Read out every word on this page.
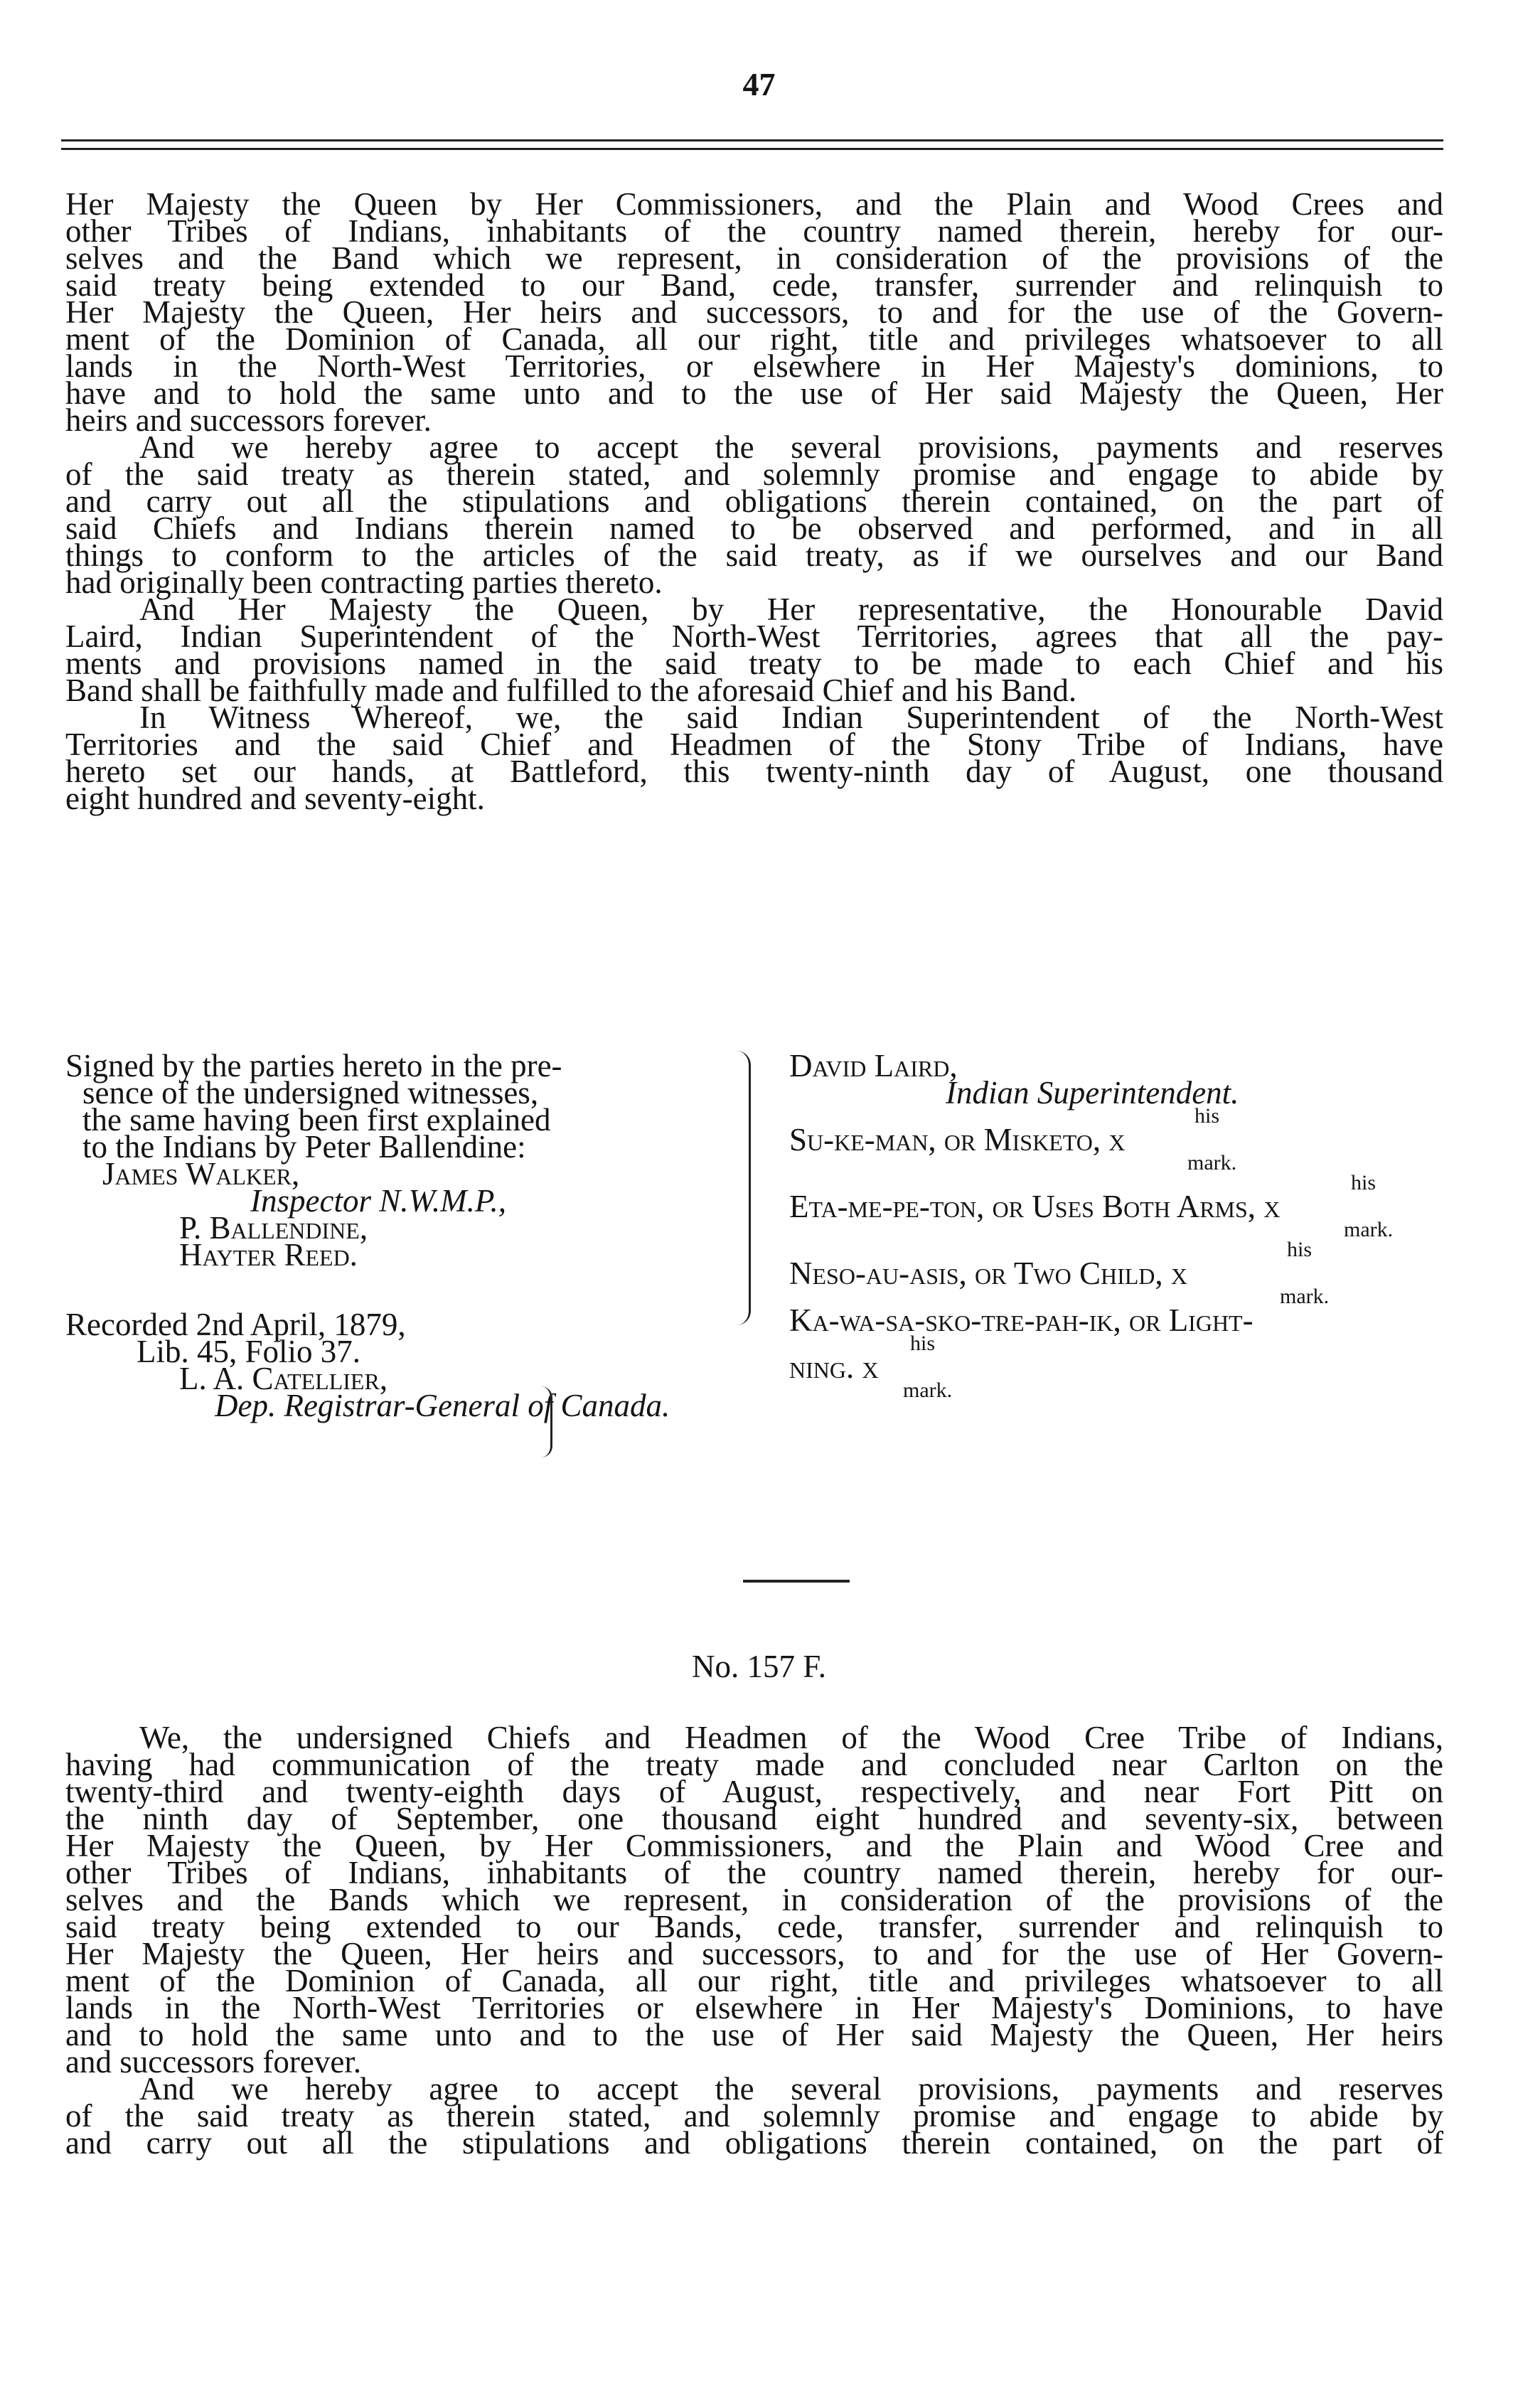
47
Her Majesty the Queen by Her Commissioners, and the Plain and Wood Crees and
other Tribes of Indians, inhabitants of the country named therein, hereby for our-
selves and the Band which we represent, in consideration of the provisions of the
said treaty being extended to our Band, cede, transfer, surrender and relinquish to
Her Majesty the Queen, Her heirs and successors, to and for the use of the Govern-
ment of the Dominion of Canada, all our right, title and privileges whatsoever to all
lands in the North-West Territories, or elsewhere in Her Majesty's dominions, to
have and to hold the same unto and to the use of Her said Majesty the Queen, Her
heirs and successors forever.
And we hereby agree to accept the several provisions, payments and reserves
of the said treaty as therein stated, and solemnly promise and engage to abide by
and carry out all the stipulations and obligations therein contained, on the part of
said Chiefs and Indians therein named to be observed and performed, and in all
things to conform to the articles of the said treaty, as if we ourselves and our Band
had originally been contracting parties thereto.
And Her Majesty the Queen, by Her representative, the Honourable David
Laird, Indian Superintendent of the North-West Territories, agrees that all the pay-
ments and provisions named in the said treaty to be made to each Chief and his
Band shall be faithfully made and fulfilled to the aforesaid Chief and his Band.
In Witness Whereof, we, the said Indian Superintendent of the North-West
Territories and the said Chief and Headmen of the Stony Tribe of Indians, have
hereto set our hands, at Battleford, this twenty-ninth day of August, one thousand
eight hundred and seventy-eight.
Signed by the parties hereto in the pre-
sence of the undersigned witnesses,
the same having been first explained
to the Indians by Peter Ballendine:
James Walker,
Inspector N.W.M.P.,
P. Ballendine,
Hayter Reed.
Recorded 2nd April, 1879,
Lib. 45, Folio 37.
L. A. Catellier,
Dep. Registrar-General of Canada.
David Laird,
Indian Superintendent.
his
Su-ke-man, or Misketo, x
mark.
his
Eta-me-pe-ton, or Uses Both Arms, x
mark.
his
Neso-au-asis, or Two Child, x
mark.
Ka-wa-sa-sko-tre-pah-ik, or Light-
his
ning. x
mark.
No. 157 F.
We, the undersigned Chiefs and Headmen of the Wood Cree Tribe of Indians,
having had communication of the treaty made and concluded near Carlton on the
twenty-third and twenty-eighth days of August, respectively, and near Fort Pitt on
the ninth day of September, one thousand eight hundred and seventy-six, between
Her Majesty the Queen, by Her Commissioners, and the Plain and Wood Cree and
other Tribes of Indians, inhabitants of the country named therein, hereby for our-
selves and the Bands which we represent, in consideration of the provisions of the
said treaty being extended to our Bands, cede, transfer, surrender and relinquish to
Her Majesty the Queen, Her heirs and successors, to and for the use of Her Govern-
ment of the Dominion of Canada, all our right, title and privileges whatsoever to all
lands in the North-West Territories or elsewhere in Her Majesty's Dominions, to have
and to hold the same unto and to the use of Her said Majesty the Queen, Her heirs
and successors forever.
And we hereby agree to accept the several provisions, payments and reserves
of the said treaty as therein stated, and solemnly promise and engage to abide by
and carry out all the stipulations and obligations therein contained, on the part of
